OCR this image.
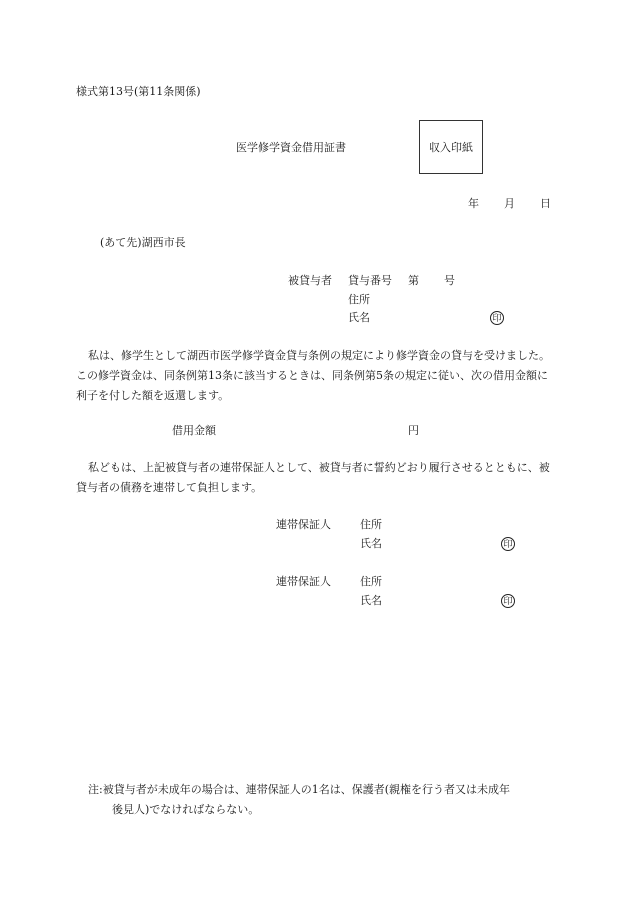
様式第13号(第11条関係)
医学修学資金借用証書	収入印紙
年 月 日
(あて先)湖西市長
被貸与者 貸与番号 第 号
住所
氏名	印
私は、修学生として湖西市医学修学資金貸与条例の規定により修学資金の貸与を受けました。この修学資金は、同条例第13条に該当するときは、同条例第5条の規定に従い、次の借用金額に利子を付した額を返還します。
借用金額	円
私どもは、上記被貸与者の連帯保証人として、被貸与者に誓約どおり履行させるとともに、被貸与者の債務を連帯して負担します。
連帯保証人	住所
氏名	印
連帯保証人	住所
氏名	印
注:被貸与者が未成年の場合は、連帯保証人の1名は、保護者(親権を行う者又は未成年
後見人)でなければならない。
